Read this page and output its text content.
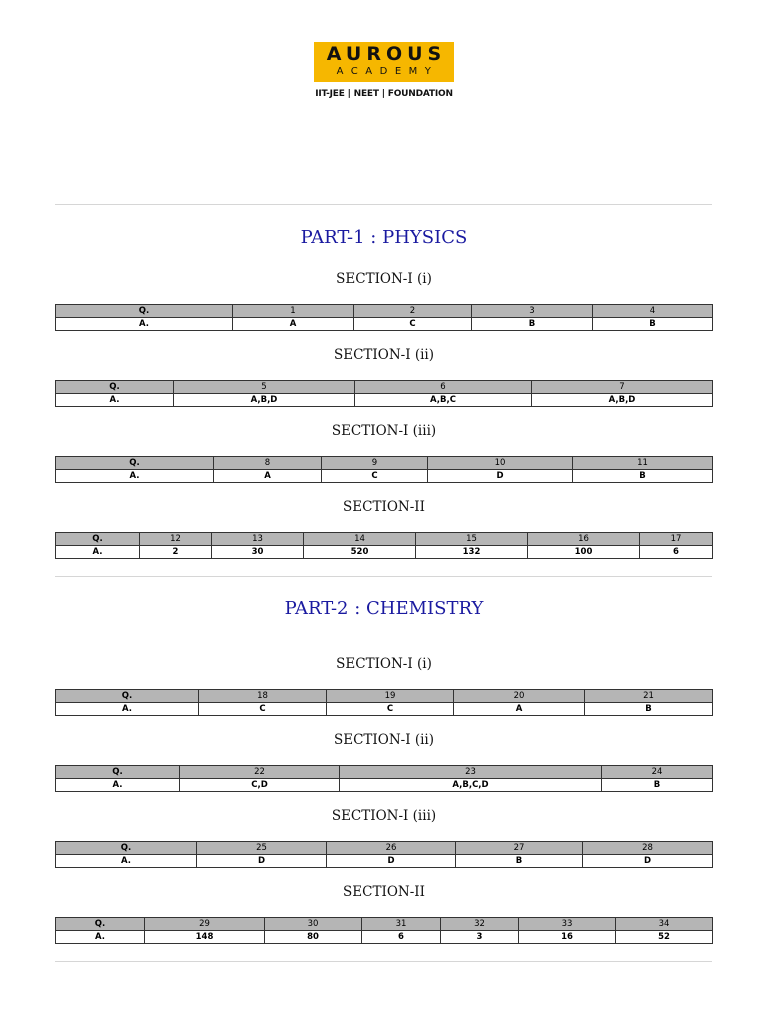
AUROUS
ACADEMY
IIT-JEE | NEET | FOUNDATION
PART-1 : PHYSICS
SECTION-I (i)
Q.	1	2	3	4
A.	A	C	B	B
SECTION-I (ii)
Q.	5	6	7
A.	A,B,D	A,B,C	A,B,D
SECTION-I (iii)
Q.	8	9	10	11
A.	A	C	D	B
SECTION-II
Q.	12	13	14	15	16	17
A.	2	30	520	132	100	6
PART-2 : CHEMISTRY
SECTION-I (i)
Q.	18	19	20	21
A.	C	C	A	B
SECTION-I (ii)
Q.	22	23	24
A.	C,D	A,B,C,D	B
SECTION-I (iii)
Q.	25	26	27	28
A.	D	D	B	D
SECTION-II
Q.	29	30	31	32	33	34
A.	148	80	6	3	16	52
